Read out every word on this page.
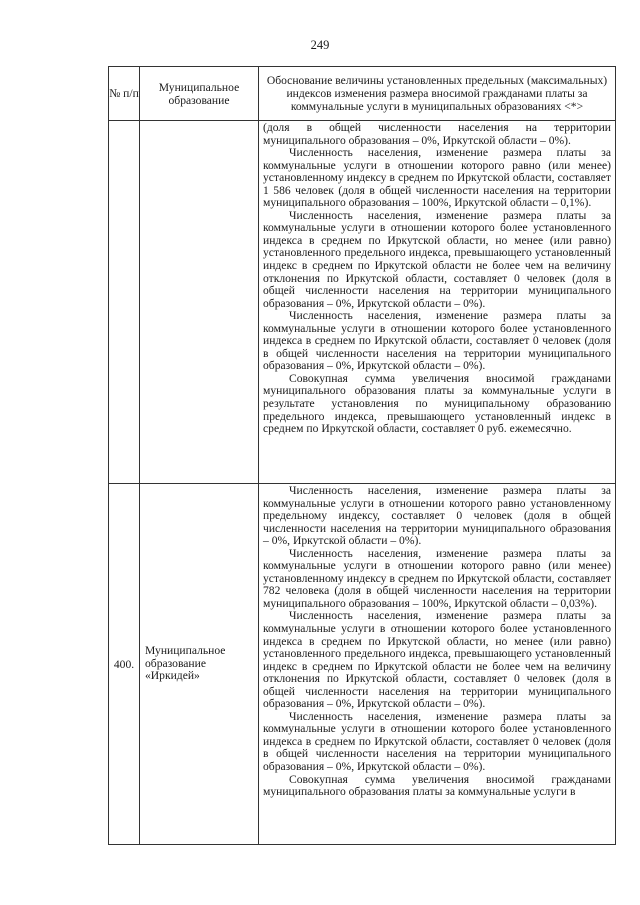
249
№ п/п	Муниципальное образование	Обоснование величины установленных предельных (максимальных) индексов изменения размера вносимой гражданами платы за коммунальные услуги в муниципальных образованиях <*>

		(доля в общей численности населения на территории муниципального образования – 0%, Иркутской области – 0%).

Численность населения, изменение размера платы за коммунальные услуги в отношении которого равно (или менее) установленному индексу в среднем по Иркутской области, составляет 1 586 человек (доля в общей численности населения на территории муниципального образования – 100%, Иркутской области – 0,1%).

Численность населения, изменение размера платы за коммунальные услуги в отношении которого более установленного индекса в среднем по Иркутской области, но менее (или равно) установленного предельного индекса, превышающего установленный индекс в среднем по Иркутской области не более чем на величину отклонения по Иркутской области, составляет 0 человек (доля в общей численности населения на территории муниципального образования – 0%, Иркутской области – 0%).

Численность населения, изменение размера платы за коммунальные услуги в отношении которого более установленного индекса в среднем по Иркутской области, составляет 0 человек (доля в общей численности населения на территории муниципального образования – 0%, Иркутской области – 0%).

Совокупная сумма увеличения вносимой гражданами муниципального образования платы за коммунальные услуги в результате установления по муниципальному образованию предельного индекса, превышающего установленный индекс в среднем по Иркутской области, составляет 0 руб. ежемесячно.

400.	Муниципальное образование «Иркидей»	Численность населения, изменение размера платы за коммунальные услуги в отношении которого равно установленному предельному индексу, составляет 0 человек (доля в общей численности населения на территории муниципального образования – 0%, Иркутской области – 0%).

Численность населения, изменение размера платы за коммунальные услуги в отношении которого равно (или менее) установленному индексу в среднем по Иркутской области, составляет 782 человека (доля в общей численности населения на территории муниципального образования – 100%, Иркутской области – 0,03%).

Численность населения, изменение размера платы за коммунальные услуги в отношении которого более установленного индекса в среднем по Иркутской области, но менее (или равно) установленного предельного индекса, превышающего установленный индекс в среднем по Иркутской области не более чем на величину отклонения по Иркутской области, составляет 0 человек (доля в общей численности населения на территории муниципального образования – 0%, Иркутской области – 0%).

Численность населения, изменение размера платы за коммунальные услуги в отношении которого более установленного индекса в среднем по Иркутской области, составляет 0 человек (доля в общей численности населения на территории муниципального образования – 0%, Иркутской области – 0%).

Совокупная сумма увеличения вносимой гражданами муниципального образования платы за коммунальные услуги в
